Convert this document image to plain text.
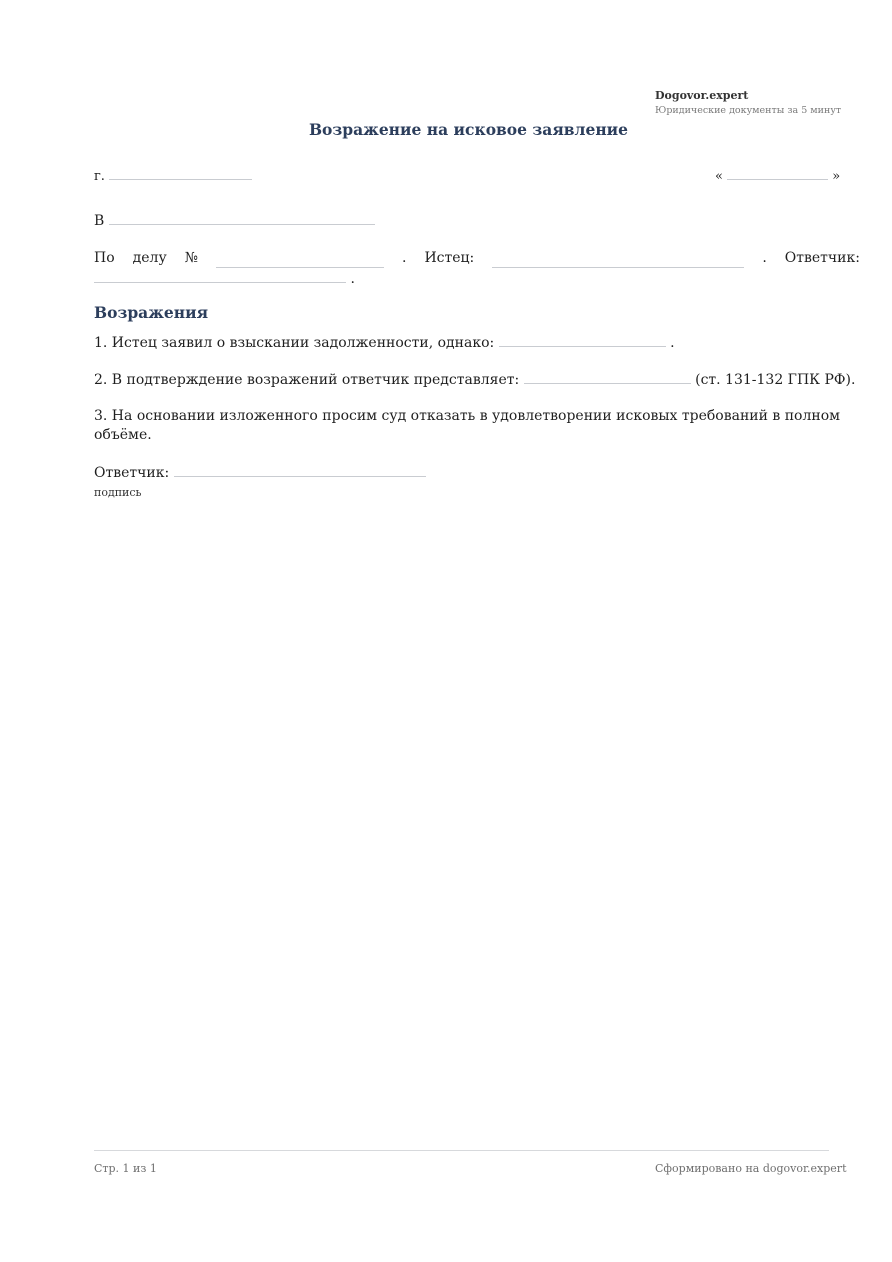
Dogovor.expert
Юридические документы за 5 минут
Возражение на исковое заявление
г.	«	»
В
По делу №	. Истец:	. Ответчик:
.
Возражения
1. Истец заявил о взыскании задолженности, однако:	.
2. В подтверждение возражений ответчик представляет:	(ст. 131-132 ГПК РФ).
3. На основании изложенного просим суд отказать в удовлетворении исковых требований в полном объёме.
Ответчик:
подпись
Стр. 1 из 1	Сформировано на dogovor.expert
